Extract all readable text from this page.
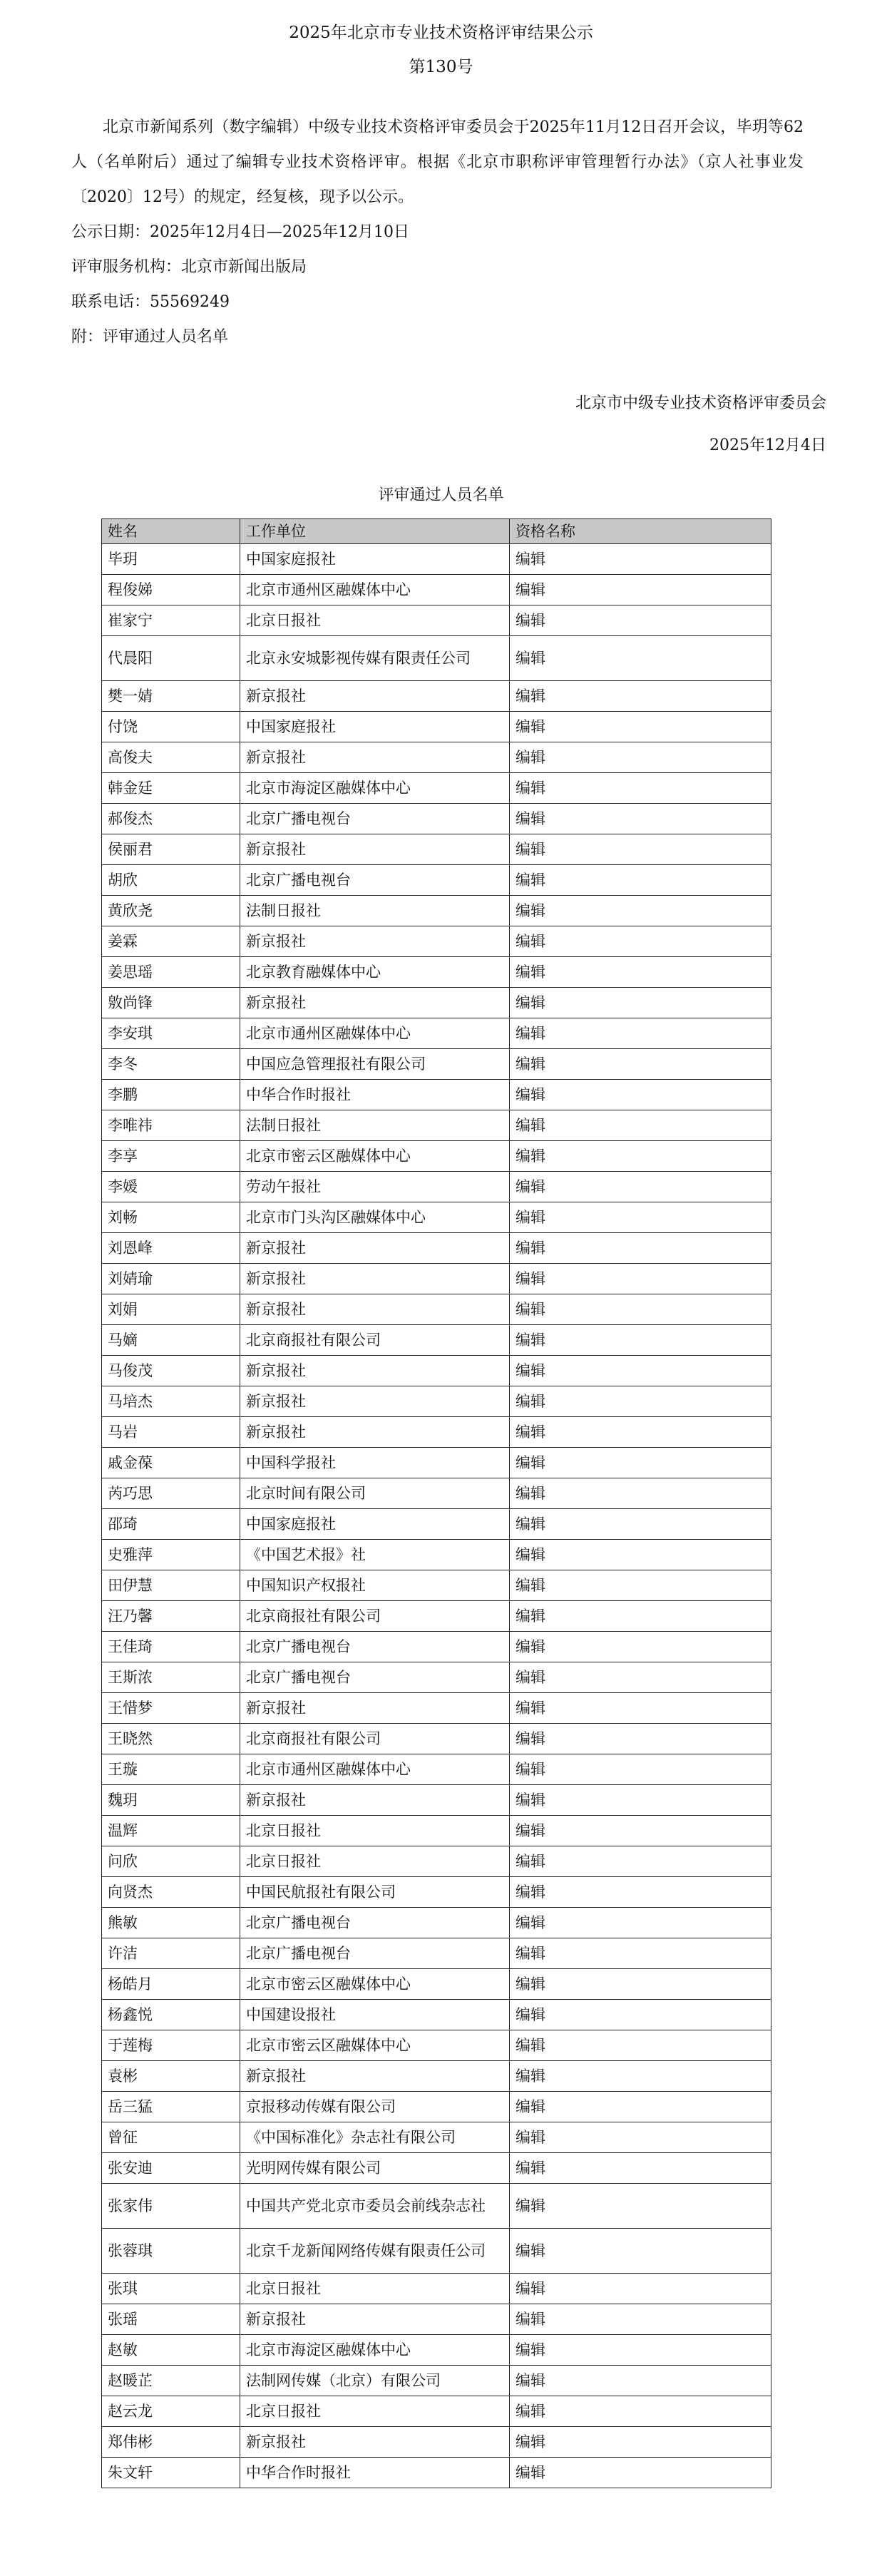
2025年北京市专业技术资格评审结果公示
第130号

北京市新闻系列（数字编辑）中级专业技术资格评审委员会于2025年11月12日召开会议，毕玥等62人（名单附后）通过了编辑专业技术资格评审。根据《北京市职称评审管理暂行办法》（京人社事业发〔2020〕12号）的规定，经复核，现予以公示。

公示日期：2025年12月4日—2025年12月10日
评审服务机构：北京市新闻出版局
联系电话：55569249
附：评审通过人员名单
北京市中级专业技术资格评审委员会
2025年12月4日
评审通过人员名单
姓名	工作单位	资格名称
毕玥	中国家庭报社	编辑
程俊娣	北京市通州区融媒体中心	编辑
崔家宁	北京日报社	编辑
代晨阳	北京永安城影视传媒有限责任公司	编辑
樊一婧	新京报社	编辑
付饶	中国家庭报社	编辑
高俊夫	新京报社	编辑
韩金廷	北京市海淀区融媒体中心	编辑
郝俊杰	北京广播电视台	编辑
侯丽君	新京报社	编辑
胡欣	北京广播电视台	编辑
黄欣尧	法制日报社	编辑
姜霖	新京报社	编辑
姜思瑶	北京教育融媒体中心	编辑
敫尚锋	新京报社	编辑
李安琪	北京市通州区融媒体中心	编辑
李冬	中国应急管理报社有限公司	编辑
李鹏	中华合作时报社	编辑
李唯祎	法制日报社	编辑
李享	北京市密云区融媒体中心	编辑
李媛	劳动午报社	编辑
刘畅	北京市门头沟区融媒体中心	编辑
刘恩峰	新京报社	编辑
刘婧瑜	新京报社	编辑
刘娟	新京报社	编辑
马嫡	北京商报社有限公司	编辑
马俊茂	新京报社	编辑
马培杰	新京报社	编辑
马岩	新京报社	编辑
戚金葆	中国科学报社	编辑
芮巧思	北京时间有限公司	编辑
邵琦	中国家庭报社	编辑
史雅萍	《中国艺术报》社	编辑
田伊慧	中国知识产权报社	编辑
汪乃馨	北京商报社有限公司	编辑
王佳琦	北京广播电视台	编辑
王斯浓	北京广播电视台	编辑
王惜梦	新京报社	编辑
王晓然	北京商报社有限公司	编辑
王璇	北京市通州区融媒体中心	编辑
魏玥	新京报社	编辑
温辉	北京日报社	编辑
问欣	北京日报社	编辑
向贤杰	中国民航报社有限公司	编辑
熊敏	北京广播电视台	编辑
许洁	北京广播电视台	编辑
杨皓月	北京市密云区融媒体中心	编辑
杨鑫悦	中国建设报社	编辑
于莲梅	北京市密云区融媒体中心	编辑
袁彬	新京报社	编辑
岳三猛	京报移动传媒有限公司	编辑
曾征	《中国标准化》杂志社有限公司	编辑
张安迪	光明网传媒有限公司	编辑
张家伟	中国共产党北京市委员会前线杂志社	编辑
张蓉琪	北京千龙新闻网络传媒有限责任公司	编辑
张琪	北京日报社	编辑
张瑶	新京报社	编辑
赵敏	北京市海淀区融媒体中心	编辑
赵暖芷	法制网传媒（北京）有限公司	编辑
赵云龙	北京日报社	编辑
郑伟彬	新京报社	编辑
朱文轩	中华合作时报社	编辑
